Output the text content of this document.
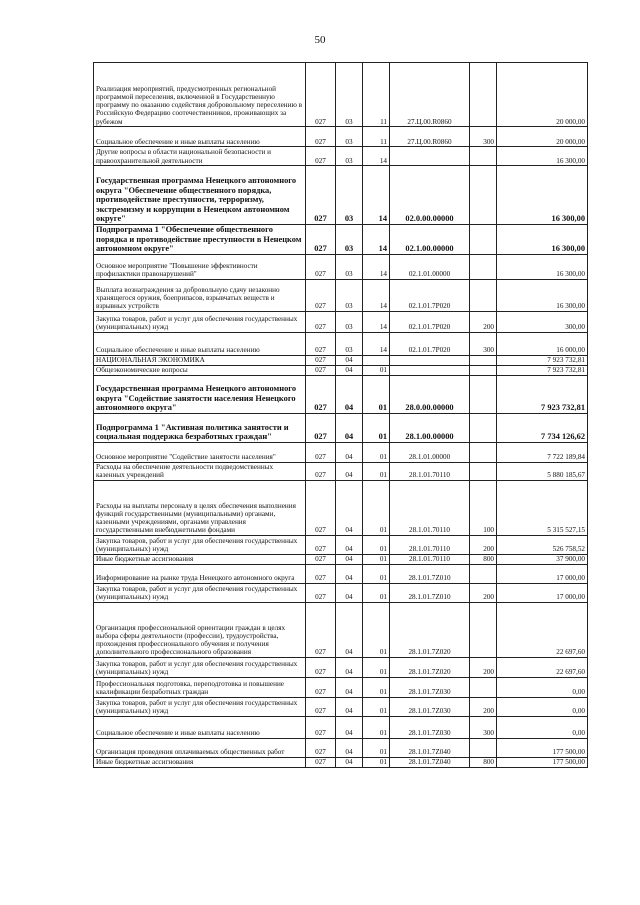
50
Реализация мероприятий, предусмотренных региональной программой переселения, включенной в Государственную программу по оказанию содействия добровольному переселению в Российскую Федерацию соотечественников, проживающих за рубежом	027	03	11	27.Ц.00.R0860		20 000,00
Социальное обеспечение и иные выплаты населению	027	03	11	27.Ц.00.R0860	300	20 000,00
Другие вопросы в области национальной безопасности и правоохранительной деятельности	027	03	14			16 300,00
Государственная программа Ненецкого автономного округа "Обеспечение общественного порядка, противодействие преступности, терроризму, экстремизму и коррупции в Ненецком автономном округе"	027	03	14	02.0.00.00000		16 300,00
Подпрограмма 1 "Обеспечение общественного порядка и противодействие преступности в Ненецком автономном округе"	027	03	14	02.1.00.00000		16 300,00
Основное мероприятие "Повышение эффективности профилактики правонарушений"	027	03	14	02.1.01.00000		16 300,00
Выплата вознаграждения за добровольную сдачу незаконно хранящегося оружия, боеприпасов, взрывчатых веществ и взрывных устройств	027	03	14	02.1.01.7Р020		16 300,00
Закупка товаров, работ и услуг для обеспечения государственных (муниципальных) нужд	027	03	14	02.1.01.7Р020	200	300,00
Социальное обеспечение и иные выплаты населению	027	03	14	02.1.01.7Р020	300	16 000,00
НАЦИОНАЛЬНАЯ ЭКОНОМИКА	027	04				7 923 732,81
Общеэкономические вопросы	027	04	01			7 923 732,81
Государственная программа Ненецкого автономного округа "Содействие занятости населения Ненецкого автономного округа"	027	04	01	28.0.00.00000		7 923 732,81
Подпрограмма 1 "Активная политика занятости и социальная поддержка безработных граждан"	027	04	01	28.1.00.00000		7 734 126,62
Основное мероприятие "Содействие занятости населения"	027	04	01	28.1.01.00000		7 722 189,84
Расходы на обеспечение деятельности подведомственных казенных учреждений	027	04	01	28.1.01.70110		5 880 185,67
Расходы на выплаты персоналу в целях обеспечения выполнения функций государственными (муниципальными) органами, казенными учреждениями, органами управления государственными внебюджетными фондами	027	04	01	28.1.01.70110	100	5 315 527,15
Закупка товаров, работ и услуг для обеспечения государственных (муниципальных) нужд	027	04	01	28.1.01.70110	200	526 758,52
Иные бюджетные ассигнования	027	04	01	28.1.01.70110	800	37 900,00
Информирование на рынке труда Ненецкого автономного округа	027	04	01	28.1.01.7Z010		17 000,00
Закупка товаров, работ и услуг для обеспечения государственных (муниципальных) нужд	027	04	01	28.1.01.7Z010	200	17 000,00
Организация профессиональной ориентации граждан в целях выбора сферы деятельности (профессии), трудоустройства, прохождения профессионального обучения и получения дополнительного профессионального образования	027	04	01	28.1.01.7Z020		22 697,60
Закупка товаров, работ и услуг для обеспечения государственных (муниципальных) нужд	027	04	01	28.1.01.7Z020	200	22 697,60
Профессиональная подготовка, переподготовка и повышение квалификации безработных граждан	027	04	01	28.1.01.7Z030		0,00
Закупка товаров, работ и услуг для обеспечения государственных (муниципальных) нужд	027	04	01	28.1.01.7Z030	200	0,00
Социальное обеспечение и иные выплаты населению	027	04	01	28.1.01.7Z030	300	0,00
Организация проведения оплачиваемых общественных работ	027	04	01	28.1.01.7Z040		177 500,00
Иные бюджетные ассигнования	027	04	01	28.1.01.7Z040	800	177 500,00
